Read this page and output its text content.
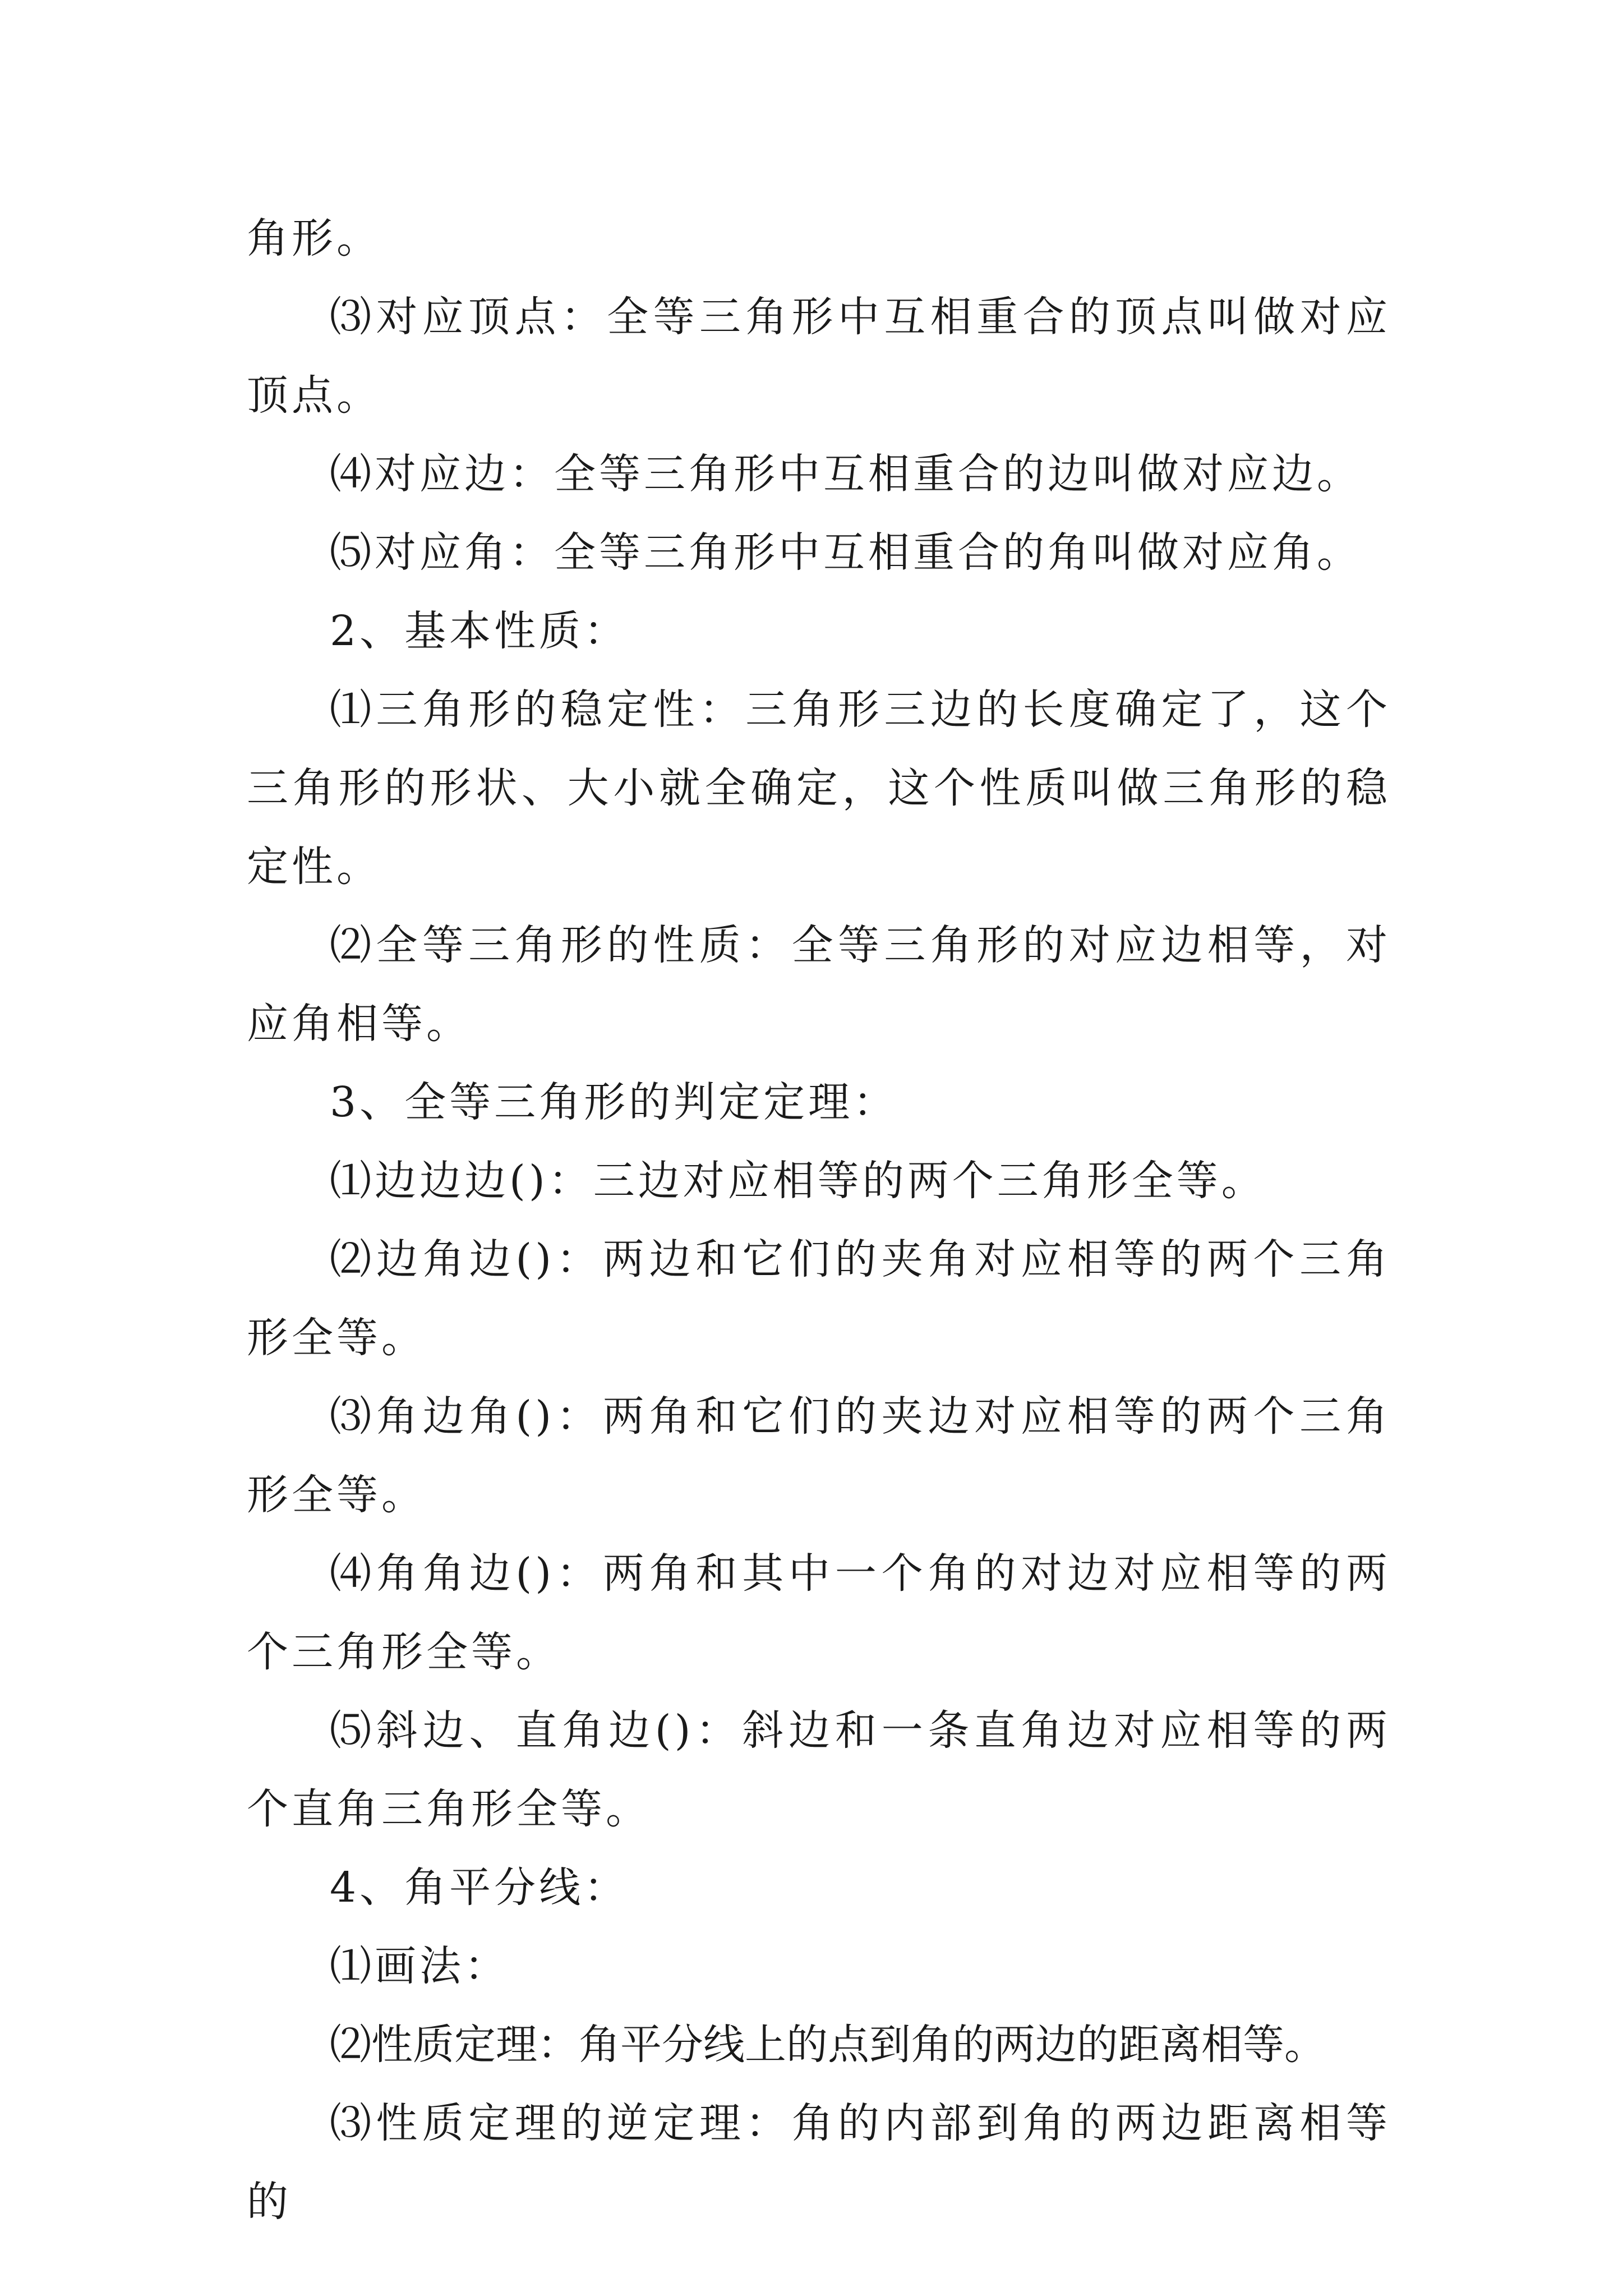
角形。

⑶对应顶点：全等三角形中互相重合的顶点叫做对应顶点。

⑷对应边：全等三角形中互相重合的边叫做对应边。

⑸对应角：全等三角形中互相重合的角叫做对应角。

2、基本性质：

⑴三角形的稳定性：三角形三边的长度确定了，这个三角形的形状、大小就全确定，这个性质叫做三角形的稳定性。

⑵全等三角形的性质：全等三角形的对应边相等，对应角相等。

3、全等三角形的判定定理：

⑴边边边()：三边对应相等的两个三角形全等。

⑵边角边()：两边和它们的夹角对应相等的两个三角形全等。

⑶角边角()：两角和它们的夹边对应相等的两个三角形全等。

⑷角角边()：两角和其中一个角的对边对应相等的两个三角形全等。

⑸斜边、直角边()：斜边和一条直角边对应相等的两个直角三角形全等。

4、角平分线：

⑴画法：

⑵性质定理：角平分线上的点到角的两边的距离相等。

⑶性质定理的逆定理：角的内部到角的两边距离相等的
